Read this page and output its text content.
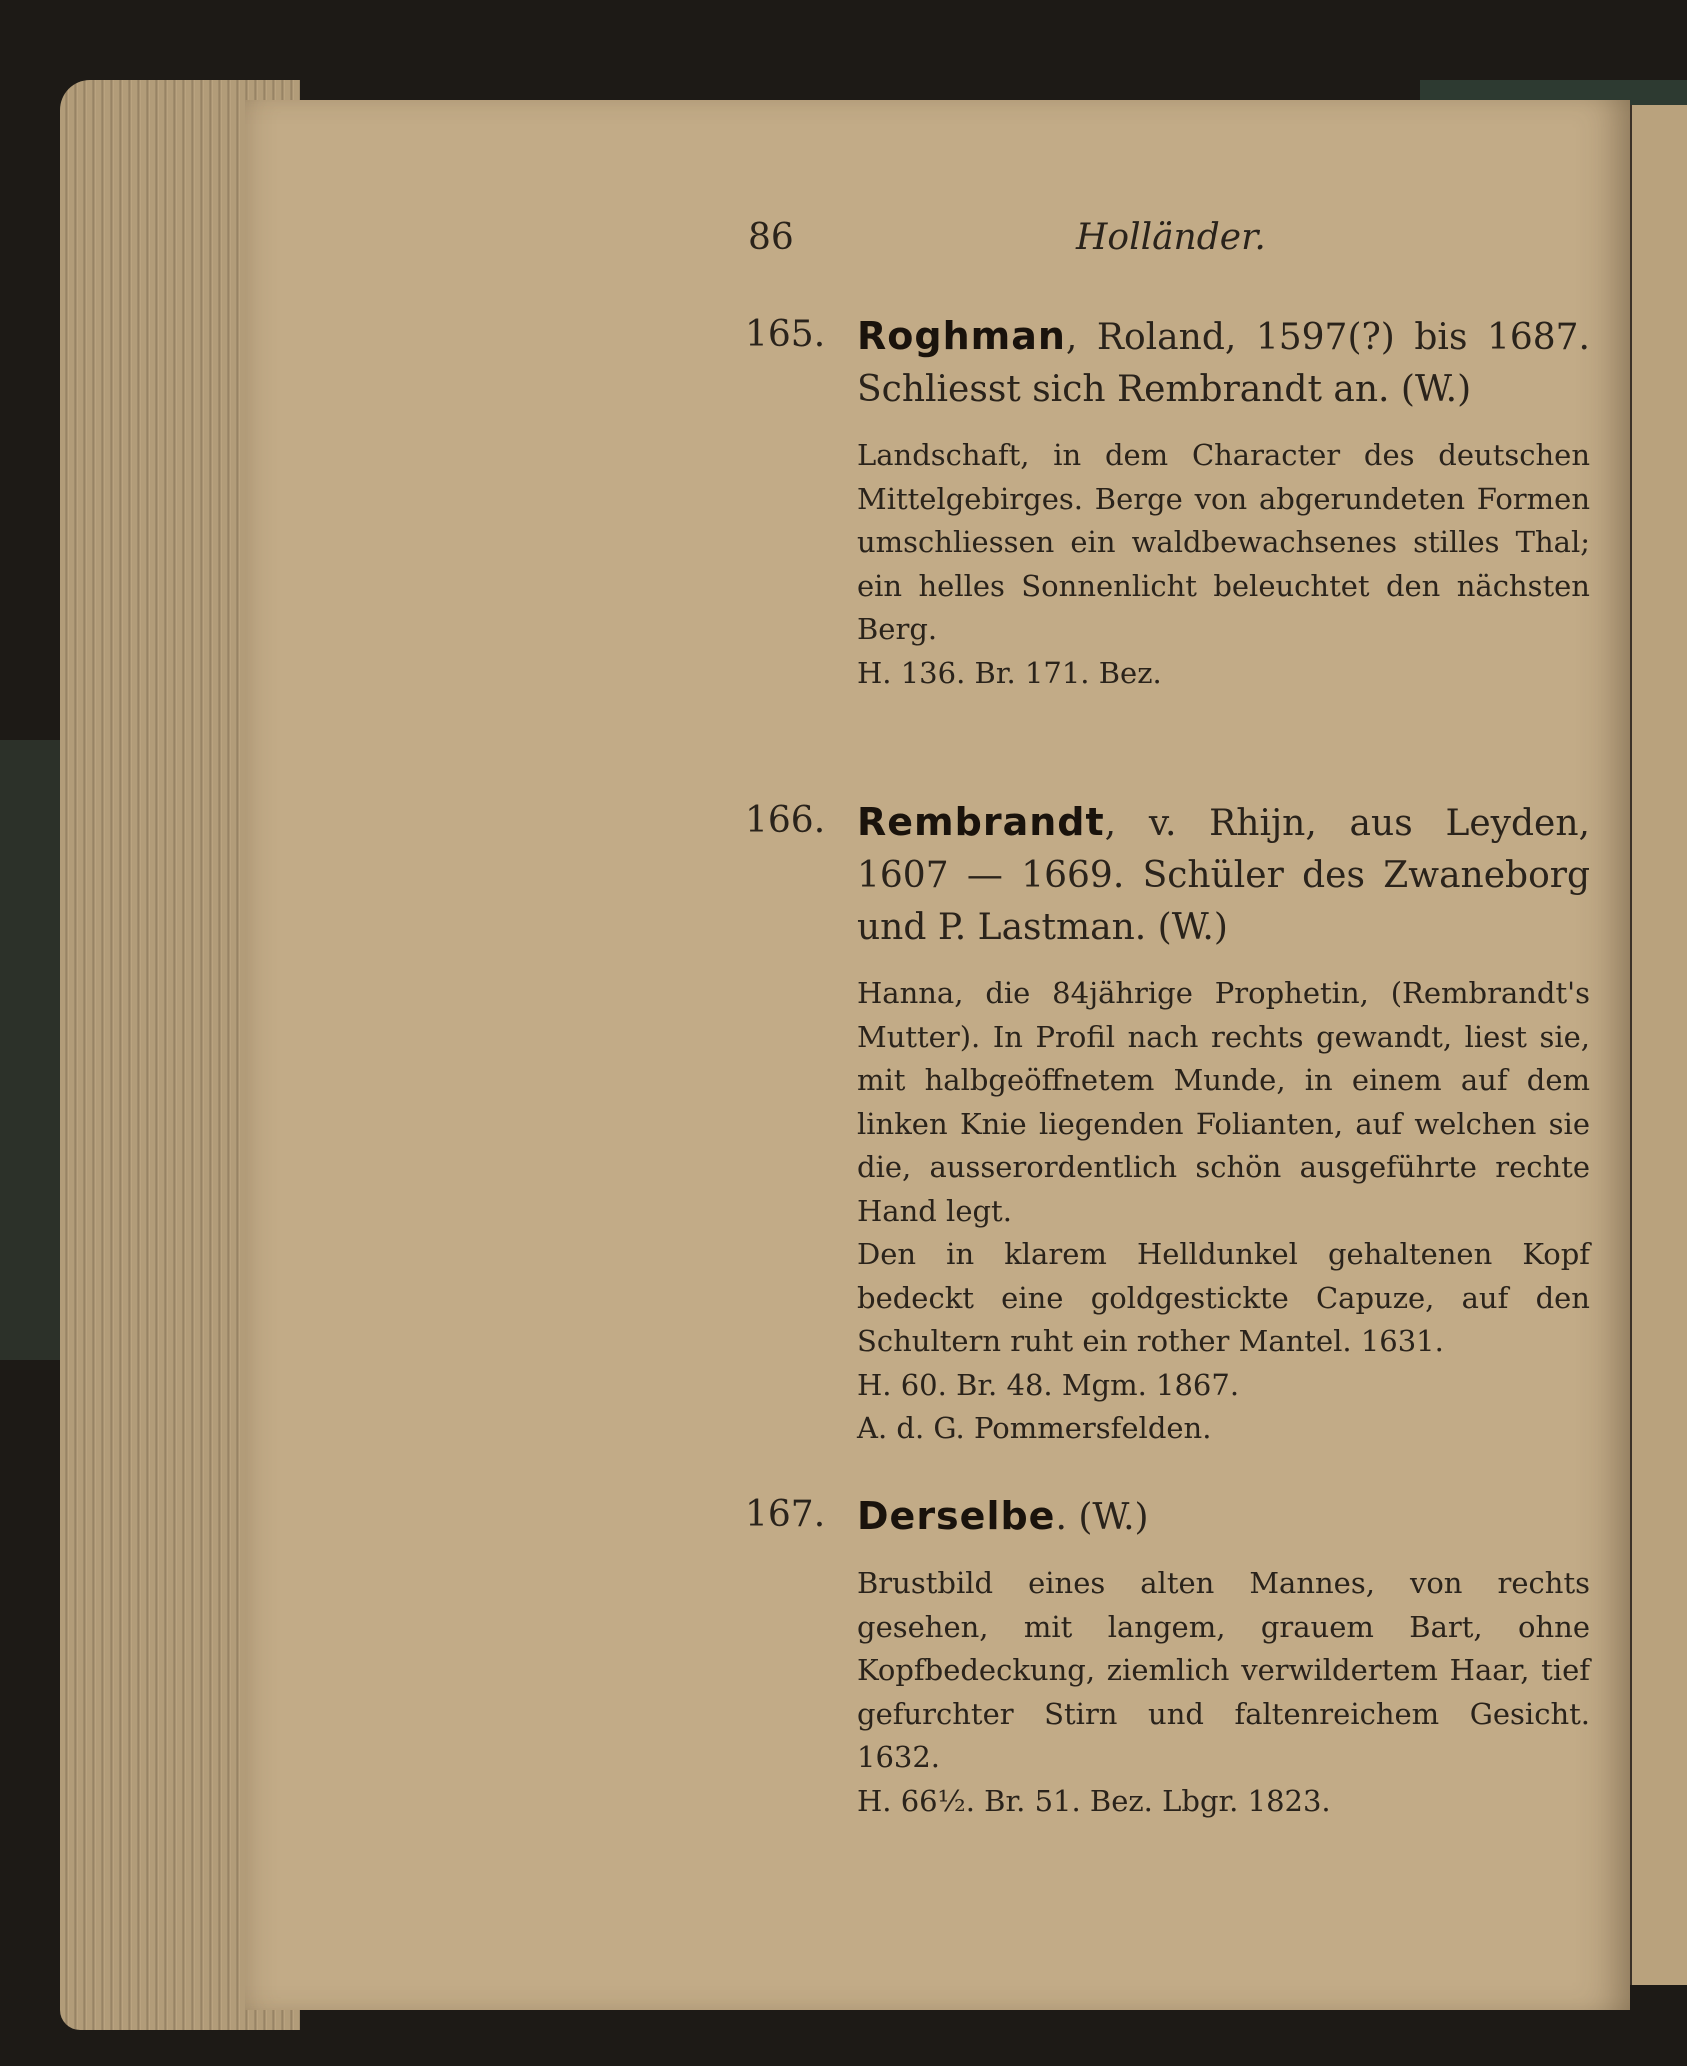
86	Holländer.
165. Roghman, Roland, 1597(?) bis 1687. Schliesst sich Rembrandt an. (W.)

Landschaft, in dem Character des deutschen Mittelgebirges. Berge von abgerundeten Formen umschliessen ein waldbewachsenes stilles Thal; ein helles Sonnenlicht beleuchtet den nächsten Berg.

H. 136. Br. 171. Bez.
166. Rembrandt, v. Rhijn, aus Leyden, 1607 — 1669. Schüler des Zwaneborg und P. Lastman. (W.)

Hanna, die 84jährige Prophetin, (Rembrandt's Mutter). In Profil nach rechts gewandt, liest sie, mit halbgeöffnetem Munde, in einem auf dem linken Knie liegenden Folianten, auf welchen sie die, ausserordentlich schön ausgeführte rechte Hand legt.

Den in klarem Helldunkel gehaltenen Kopf bedeckt eine goldgestickte Capuze, auf den Schultern ruht ein rother Mantel. 1631.

H. 60. Br. 48. Mgm. 1867.
A. d. G. Pommersfelden.
167. Derselbe. (W.)

Brustbild eines alten Mannes, von rechts gesehen, mit langem, grauem Bart, ohne Kopfbedeckung, ziemlich verwildertem Haar, tief gefurchter Stirn und faltenreichem Gesicht. 1632.

H. 66½. Br. 51. Bez. Lbgr. 1823.
